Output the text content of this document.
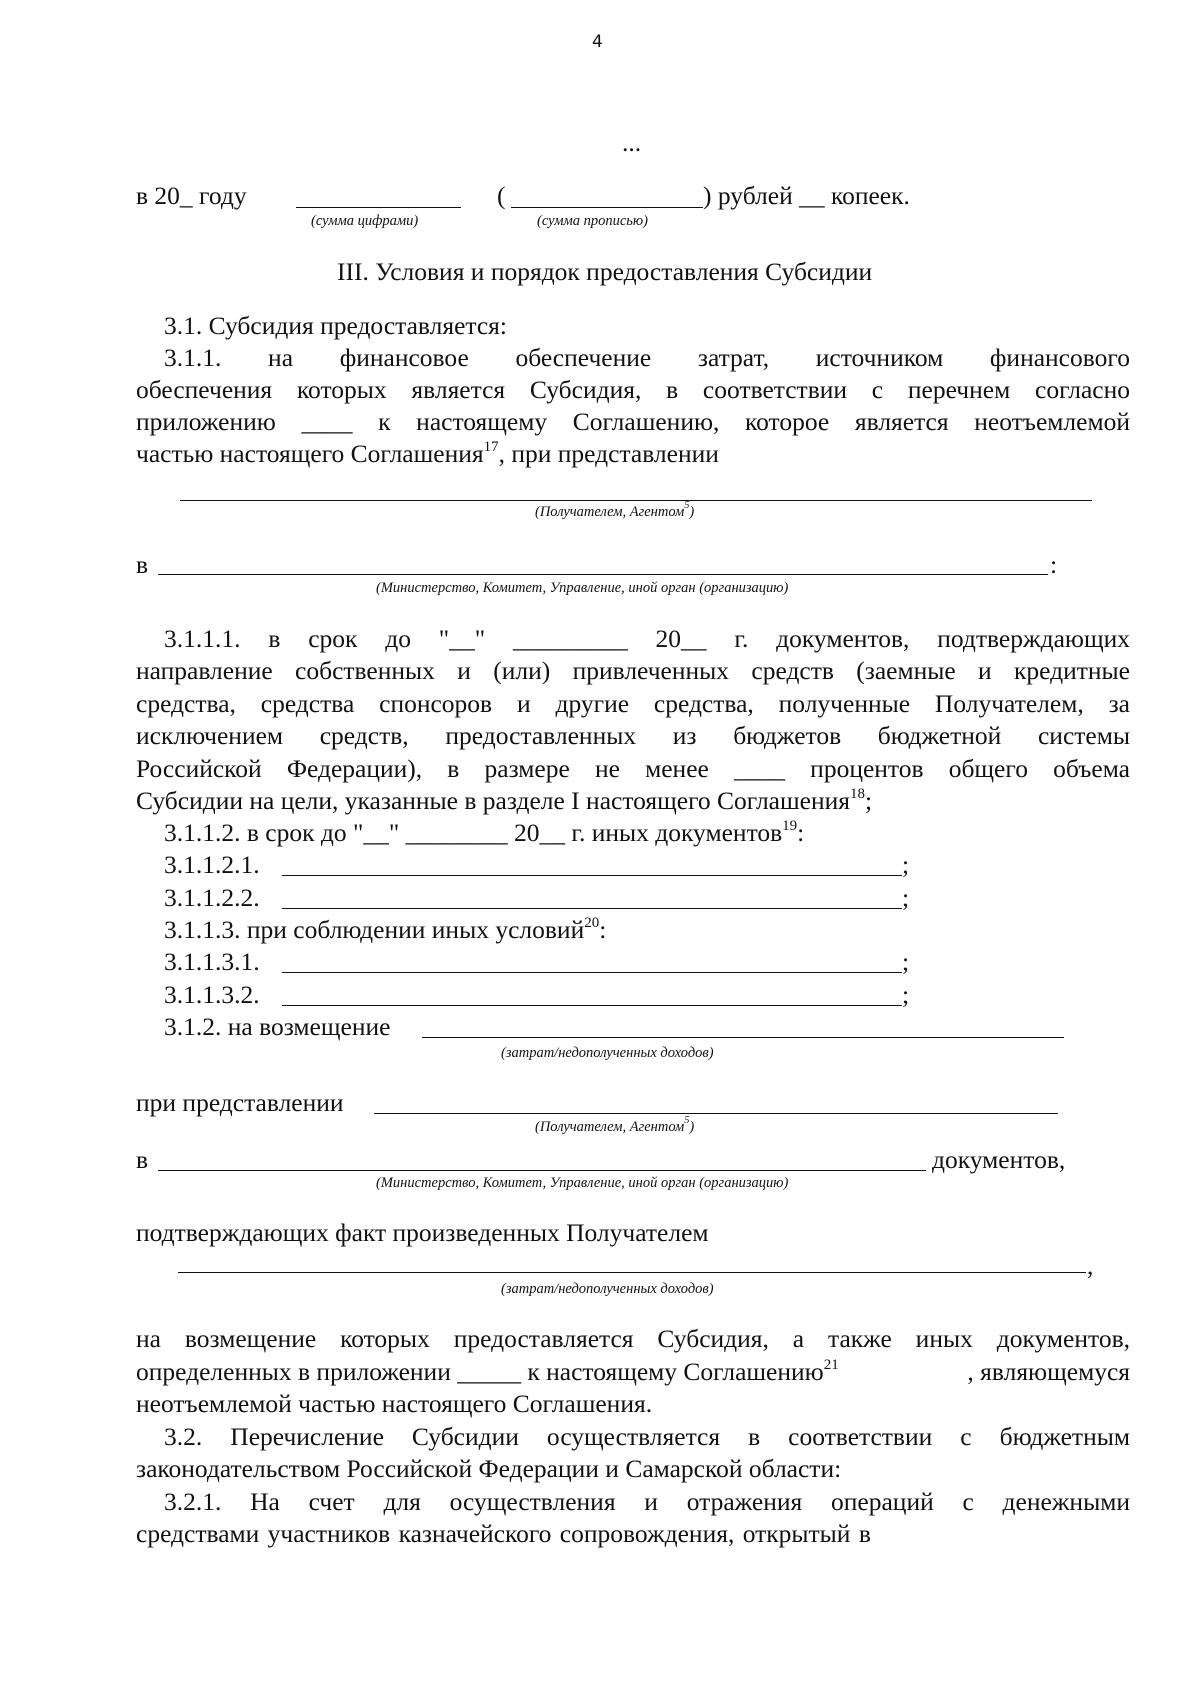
4
...
в 20_ году	(	) рублей __ копеек.
(сумма цифрами)	(сумма прописью)
III. Условия и порядок предоставления Субсидии
3.1. Субсидия предоставляется:
3.1.1. на финансовое обеспечение затрат, источником финансового
обеспечения которых является Субсидия, в соответствии с перечнем согласно
приложению ____ к настоящему Соглашению, которое является неотъемлемой
частью настоящего Соглашения$^{17}$, при представлении
(Получателем, Агентом$^5$)
в	:
(Министерство, Комитет, Управление, иной орган (организацию)
3.1.1.1. в срок до "__" _________ 20__ г. документов, подтверждающих
направление собственных и (или) привлеченных средств (заемные и кредитные
средства, средства спонсоров и другие средства, полученные Получателем, за
исключением средств, предоставленных из бюджетов бюджетной системы
Российской Федерации), в размере не менее ____ процентов общего объема
Субсидии на цели, указанные в разделе I настоящего Соглашения$^{18}$;
3.1.1.2. в срок до "__" ________ 20__ г. иных документов$^{19}$:
3.1.1.2.1.	;
3.1.1.2.2.	;
3.1.1.3. при соблюдении иных условий$^{20}$:
3.1.1.3.1.	;
3.1.1.3.2.	;
3.1.2. на возмещение
(затрат/недополученных доходов)
при представлении
(Получателем, Агентом$^5$)
в	документов,
(Министерство, Комитет, Управление, иной орган (организацию)
подтверждающих факт произведенных Получателем
,
(затрат/недополученных доходов)
на возмещение которых предоставляется Субсидия, а также иных документов,
определенных в приложении _____ к настоящему Соглашению$^{21}$	, являющемуся
неотъемлемой частью настоящего Соглашения.
3.2. Перечисление Субсидии осуществляется в соответствии с бюджетным
законодательством Российской Федерации и Самарской области:
3.2.1. На счет для осуществления и отражения операций с денежными
средствами участников казначейского сопровождения, открытый в
